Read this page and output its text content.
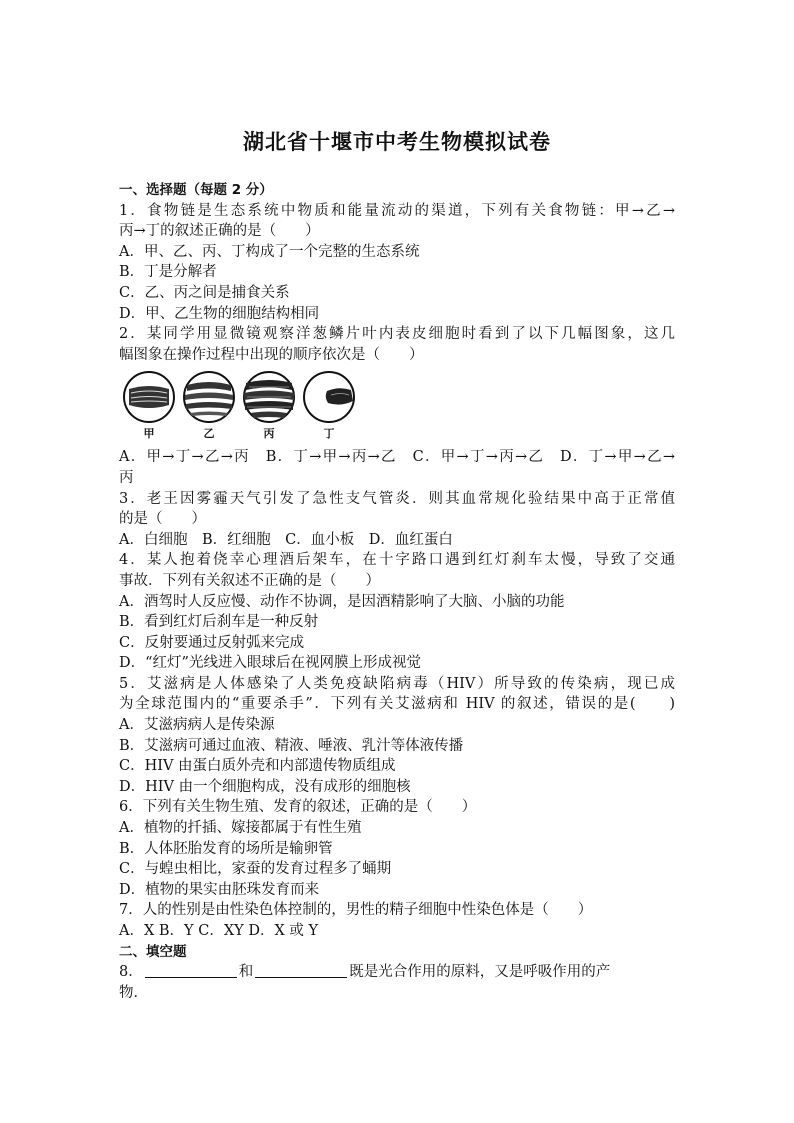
湖北省十堰市中考生物模拟试卷
一、选择题（每题 2 分）
1．食物链是生态系统中物质和能量流动的渠道，下列有关食物链：甲→乙→
丙→丁的叙述正确的是（　　）
A．甲、乙、丙、丁构成了一个完整的生态系统
B．丁是分解者
C．乙、丙之间是捕食关系
D．甲、乙生物的细胞结构相同
2．某同学用显微镜观察洋葱鳞片叶内表皮细胞时看到了以下几幅图象，这几
幅图象在操作过程中出现的顺序依次是（　　）
甲	乙	丙	丁
A．甲→丁→乙→丙　B．丁→甲→丙→乙　C．甲→丁→丙→乙　D．丁→甲→乙→
丙
3．老王因雾霾天气引发了急性支气管炎．则其血常规化验结果中高于正常值
的是（　　）
A．白细胞　B．红细胞　C．血小板　D．血红蛋白
4．某人抱着侥幸心理酒后架车，在十字路口遇到红灯刹车太慢，导致了交通
事故．下列有关叙述不正确的是（　　）
A．酒驾时人反应慢、动作不协调，是因酒精影响了大脑、小脑的功能
B．看到红灯后刹车是一种反射
C．反射要通过反射弧来完成
D．“红灯”光线进入眼球后在视网膜上形成视觉
5．艾滋病是人体感染了人类免疫缺陷病毒（HIV）所导致的传染病，现已成
为全球范围内的“重要杀手”．下列有关艾滋病和 HIV 的叙述，错误的是(　　)
A．艾滋病病人是传染源
B．艾滋病可通过血液、精液、唾液、乳汁等体液传播
C．HIV 由蛋白质外壳和内部遗传物质组成
D．HIV 由一个细胞构成，没有成形的细胞核
6．下列有关生物生殖、发育的叙述，正确的是（　　）
A．植物的扦插、嫁接都属于有性生殖
B．人体胚胎发育的场所是输卵管
C．与蝗虫相比，家蚕的发育过程多了蛹期
D．植物的果实由胚珠发育而来
7．人的性别是由性染色体控制的，男性的精子细胞中性染色体是（　　）
A．X B．Y C．XY D．X 或 Y
二、填空题
8．	和	既是光合作用的原料，又是呼吸作用的产
物．
